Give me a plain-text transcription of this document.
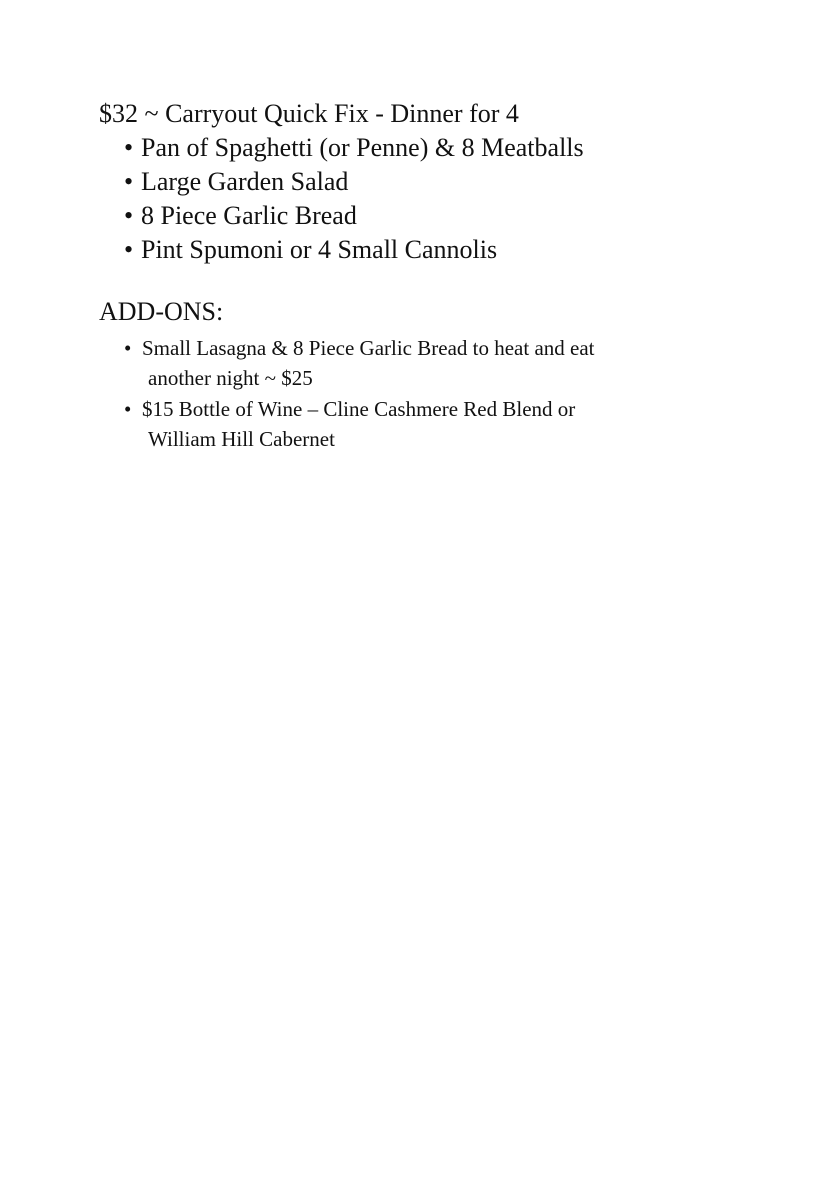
$32 ~ Carryout Quick Fix - Dinner for 4
• Pan of Spaghetti (or Penne) & 8 Meatballs
• Large Garden Salad
• 8 Piece Garlic Bread
• Pint Spumoni or 4 Small Cannolis
ADD-ONS:
• Small Lasagna & 8 Piece Garlic Bread to heat and eat
another night ~ $25
• $15 Bottle of Wine – Cline Cashmere Red Blend or
William Hill Cabernet
